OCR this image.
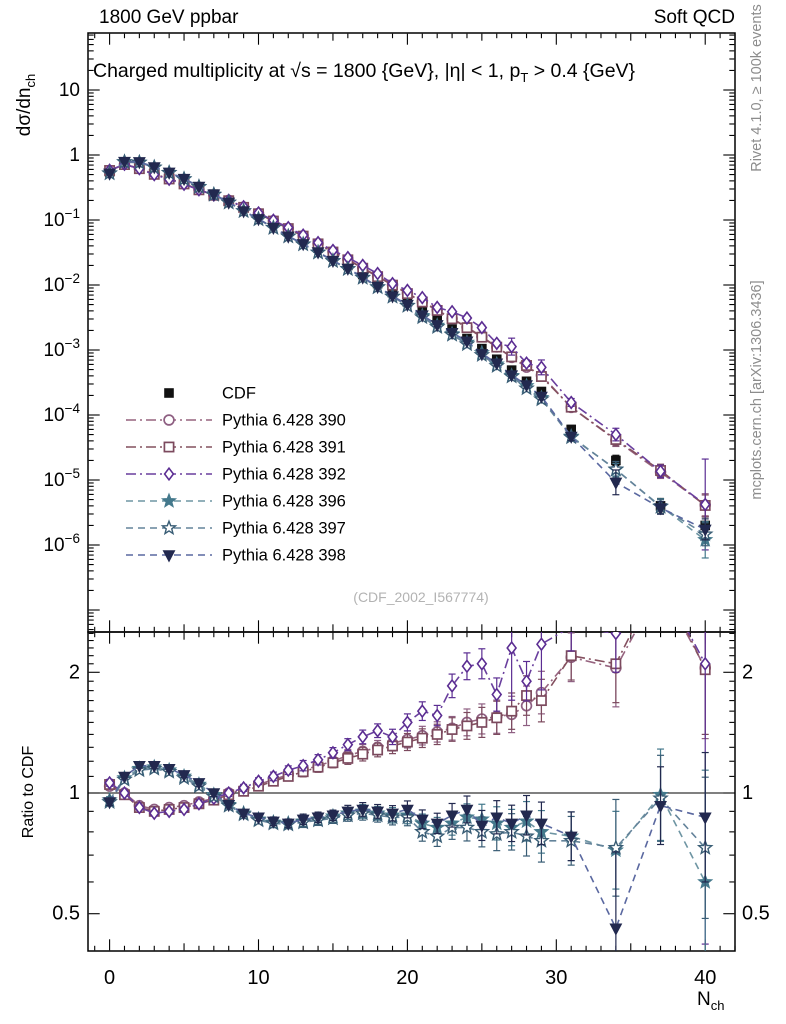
0	10	20	30	40
10
1
$10^{-1}$
$10^{-2}$
$10^{-3}$
$10^{-4}$
$10^{-5}$
$10^{-6}$
2	2
1	1
0.5	0.5
CDF
Pythia 6.428 390
Pythia 6.428 391
Pythia 6.428 392
Pythia 6.428 396
Pythia 6.428 397
Pythia 6.428 398
1800 GeV ppbar	Soft QCD
Charged multiplicity at √s = 1800 {GeV}, |η| < 1, $p_T > 0.4$ {GeV}
$d\sigma/dn_{ch}$
Ratio to CDF
Rivet 4.1.0, ≥ 100k events
mcplots.cern.ch [arXiv:1306.3436]
(CDF_2002_I567774)
$N_{ch}$
